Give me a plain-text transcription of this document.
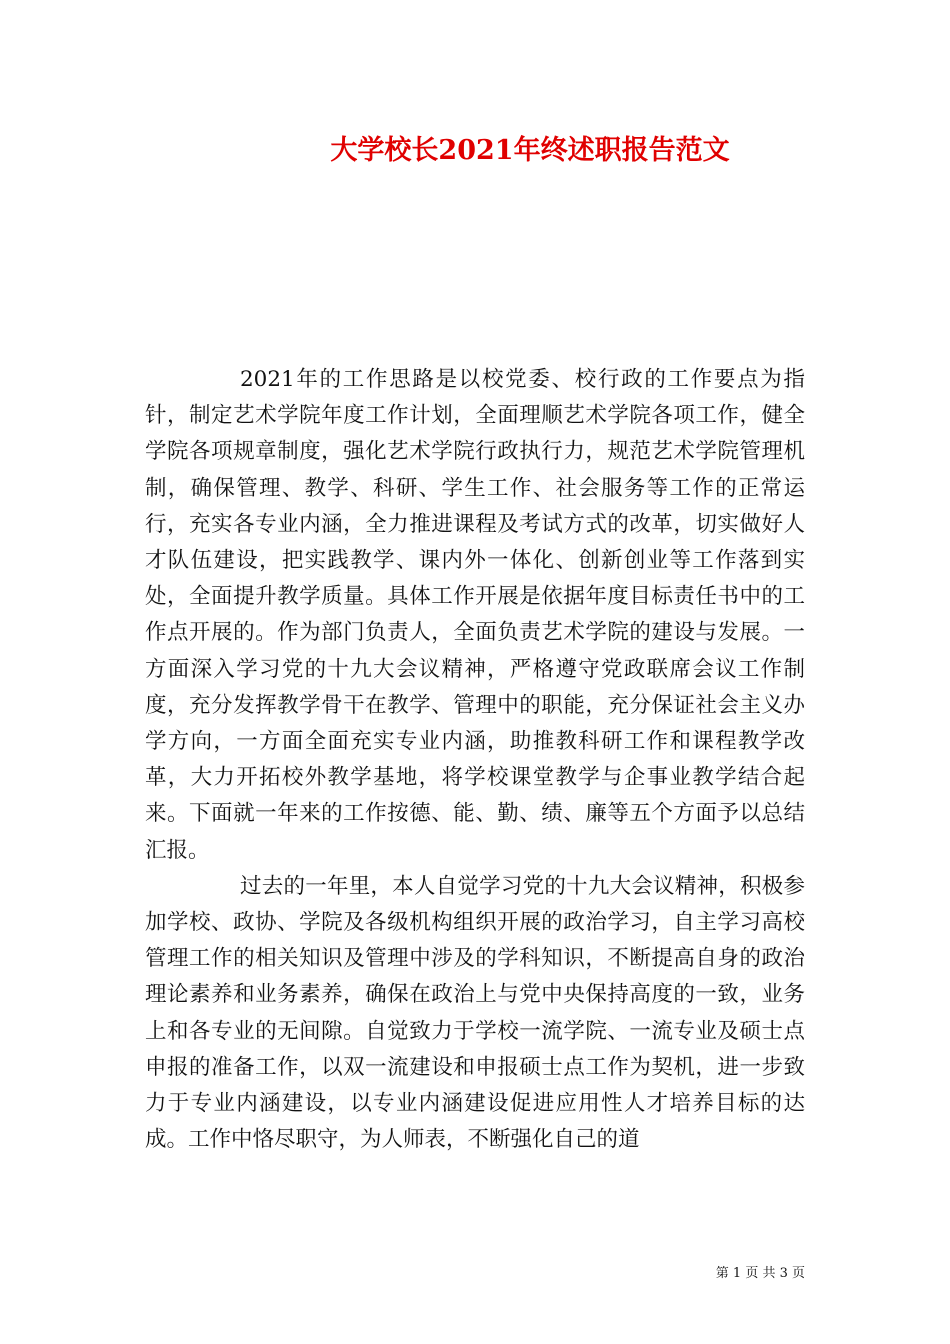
大学校长2021年终述职报告范文

2021年的工作思路是以校党委、校行政的工作要点为指针，制定艺术学院年度工作计划，全面理顺艺术学院各项工作，健全学院各项规章制度，强化艺术学院行政执行力，规范艺术学院管理机制，确保管理、教学、科研、学生工作、社会服务等工作的正常运行，充实各专业内涵，全力推进课程及考试方式的改革，切实做好人才队伍建设，把实践教学、课内外一体化、创新创业等工作落到实处，全面提升教学质量。具体工作开展是依据年度目标责任书中的工作点开展的。作为部门负责人，全面负责艺术学院的建设与发展。一方面深入学习党的十九大会议精神，严格遵守党政联席会议工作制度，充分发挥教学骨干在教学、管理中的职能，充分保证社会主义办学方向，一方面全面充实专业内涵，助推教科研工作和课程教学改革，大力开拓校外教学基地，将学校课堂教学与企事业教学结合起来。下面就一年来的工作按德、能、勤、绩、廉等五个方面予以总结汇报。

过去的一年里，本人自觉学习党的十九大会议精神，积极参加学校、政协、学院及各级机构组织开展的政治学习，自主学习高校管理工作的相关知识及管理中涉及的学科知识，不断提高自身的政治理论素养和业务素养，确保在政治上与党中央保持高度的一致，业务上和各专业的无间隙。自觉致力于学校一流学院、一流专业及硕士点申报的准备工作，以双一流建设和申报硕士点工作为契机，进一步致力于专业内涵建设，以专业内涵建设促进应用性人才培养目标的达成。工作中恪尽职守，为人师表，不断强化自己的道

第 1 页 共 3 页
